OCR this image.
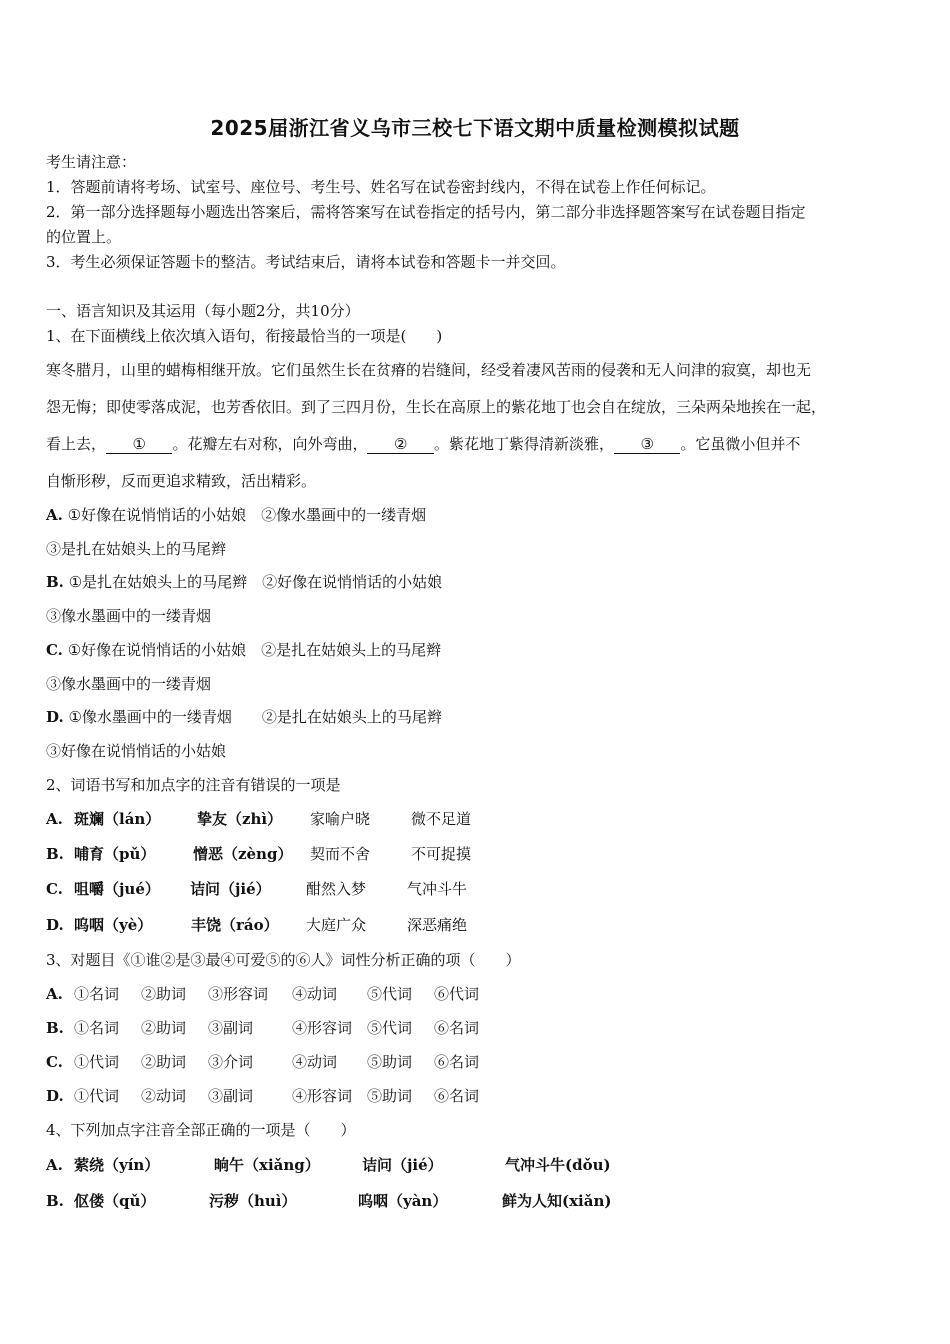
2025届浙江省义乌市三校七下语文期中质量检测模拟试题
考生请注意：
1．答题前请将考场、试室号、座位号、考生号、姓名写在试卷密封线内，不得在试卷上作任何标记。
2．第一部分选择题每小题选出答案后，需将答案写在试卷指定的括号内，第二部分非选择题答案写在试卷题目指定
的位置上。
3．考生必须保证答题卡的整洁。考试结束后，请将本试卷和答题卡一并交回。
一、语言知识及其运用（每小题2分，共10分）
1、在下面横线上依次填入语句，衔接最恰当的一项是(　　)
寒冬腊月，山里的蜡梅相继开放。它们虽然生长在贫瘠的岩缝间，经受着凄风苦雨的侵袭和无人问津的寂寞，却也无
怨无悔；即使零落成泥，也芳香依旧。到了三四月份，生长在高原上的紫花地丁也会自在绽放，三朵两朵地挨在一起，
看上去，   ①   。花瓣左右对称，向外弯曲，   ②   。紫花地丁紫得清新淡雅，   ③   。它虽微小但并不
自惭形秽，反而更追求精致，活出精彩。
A. ①好像在说悄悄话的小姑娘　②像水墨画中的一缕青烟
③是扎在姑娘头上的马尾辫
B. ①是扎在姑娘头上的马尾辫　②好像在说悄悄话的小姑娘
③像水墨画中的一缕青烟
C. ①好像在说悄悄话的小姑娘　②是扎在姑娘头上的马尾辫
③像水墨画中的一缕青烟
D. ①像水墨画中的一缕青烟　　②是扎在姑娘头上的马尾辫
③好像在说悄悄话的小姑娘
2、词语书写和加点字的注音有错误的一项是
A. 斑斓（lán） 挚友（zhì） 家喻户晓	微不足道
B. 哺育（pǔ）	憎恶（zèng） 契而不舍	不可捉摸
C. 咀嚼（jué） 诘问（jié） 酣然入梦	气冲斗牛
D. 呜咽（yè）	丰饶（ráo） 大庭广众	深恶痛绝
3、对题目《①谁②是③最④可爱⑤的⑥人》词性分析正确的项（　　）
A. ①名词 ②助词 ③形容词 ④动词 ⑤代词 ⑥代词
B. ①名词 ②助词 ③副词	④形容词 ⑤代词 ⑥名词
C. ①代词 ②助词 ③介词	④动词 ⑤助词 ⑥名词
D. ①代词 ②动词 ③副词	④形容词 ⑤助词 ⑥名词
4、下列加点字注音全部正确的一项是（　　）
A. 萦绕（yín）	晌午（xiǎng）	诘问（jié）	气冲斗牛(dǒu)
B. 伛偻（qǔ）	污秽（huì）	呜咽（yàn）	鲜为人知(xiǎn)
